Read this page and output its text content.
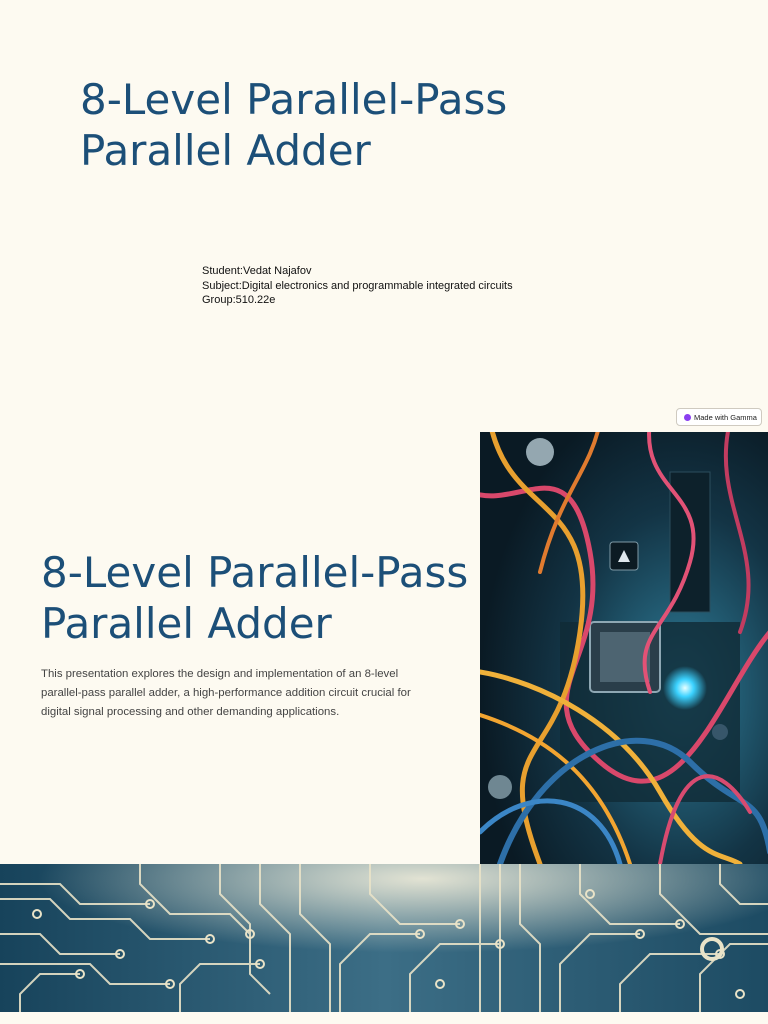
8-Level Parallel-Pass Parallel Adder
Student:Vedat Najafov
Subject:Digital electronics and programmable integrated circuits
Group:510.22e
Made with Gamma
8-Level Parallel-Pass Parallel Adder

This presentation explores the design and implementation of an 8-level parallel-pass parallel adder, a high-performance addition circuit crucial for digital signal processing and other demanding applications.
